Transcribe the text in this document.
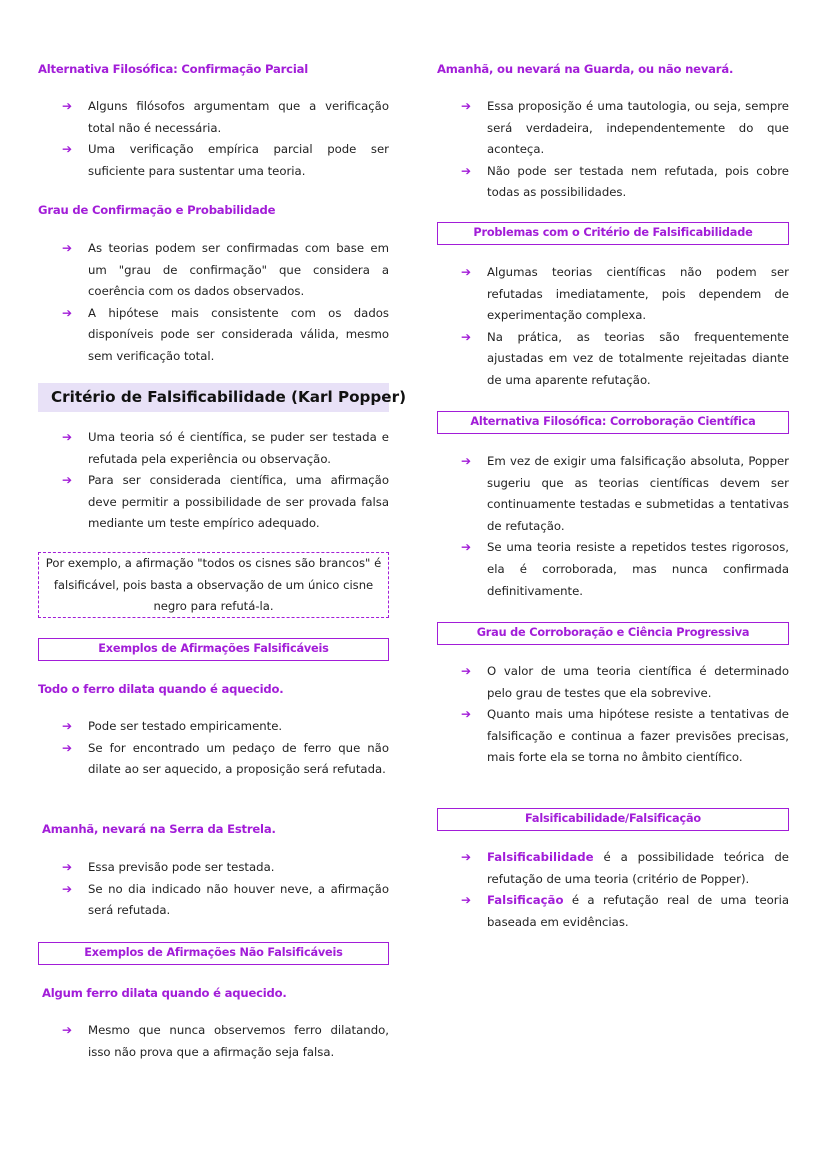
Alternativa Filosófica: Confirmação Parcial
➔ Alguns filósofos argumentam que a verificação total não é necessária.
➔ Uma verificação empírica parcial pode ser suficiente para sustentar uma teoria.
Grau de Confirmação e Probabilidade
➔ As teorias podem ser confirmadas com base em um "grau de confirmação" que considera a coerência com os dados observados.
➔ A hipótese mais consistente com os dados disponíveis pode ser considerada válida, mesmo sem verificação total.
Critério de Falsificabilidade (Karl Popper)
➔ Uma teoria só é científica, se puder ser testada e refutada pela experiência ou observação.
➔ Para ser considerada científica, uma afirmação deve permitir a possibilidade de ser provada falsa mediante um teste empírico adequado.
Por exemplo, a afirmação "todos os cisnes são brancos" é falsificável, pois basta a observação de um único cisne negro para refutá-la.
Exemplos de Afirmações Falsificáveis
Todo o ferro dilata quando é aquecido.
➔ Pode ser testado empiricamente.
➔ Se for encontrado um pedaço de ferro que não dilate ao ser aquecido, a proposição será refutada.
Amanhã, nevará na Serra da Estrela.
➔ Essa previsão pode ser testada.
➔ Se no dia indicado não houver neve, a afirmação será refutada.
Exemplos de Afirmações Não Falsificáveis
Algum ferro dilata quando é aquecido.
➔ Mesmo que nunca observemos ferro dilatando, isso não prova que a afirmação seja falsa.
Amanhã, ou nevará na Guarda, ou não nevará.
➔ Essa proposição é uma tautologia, ou seja, sempre será verdadeira, independentemente do que aconteça.
➔ Não pode ser testada nem refutada, pois cobre todas as possibilidades.
Problemas com o Critério de Falsificabilidade
➔ Algumas teorias científicas não podem ser refutadas imediatamente, pois dependem de experimentação complexa.
➔ Na prática, as teorias são frequentemente ajustadas em vez de totalmente rejeitadas diante de uma aparente refutação.
Alternativa Filosófica: Corroboração Científica
➔ Em vez de exigir uma falsificação absoluta, Popper sugeriu que as teorias científicas devem ser continuamente testadas e submetidas a tentativas de refutação.
➔ Se uma teoria resiste a repetidos testes rigorosos, ela é corroborada, mas nunca confirmada definitivamente.
Grau de Corroboração e Ciência Progressiva
➔ O valor de uma teoria científica é determinado pelo grau de testes que ela sobrevive.
➔ Quanto mais uma hipótese resiste a tentativas de falsificação e continua a fazer previsões precisas, mais forte ela se torna no âmbito científico.
Falsificabilidade/Falsificação
➔ Falsificabilidade é a possibilidade teórica de refutação de uma teoria (critério de Popper).
➔ Falsificação é a refutação real de uma teoria baseada em evidências.
